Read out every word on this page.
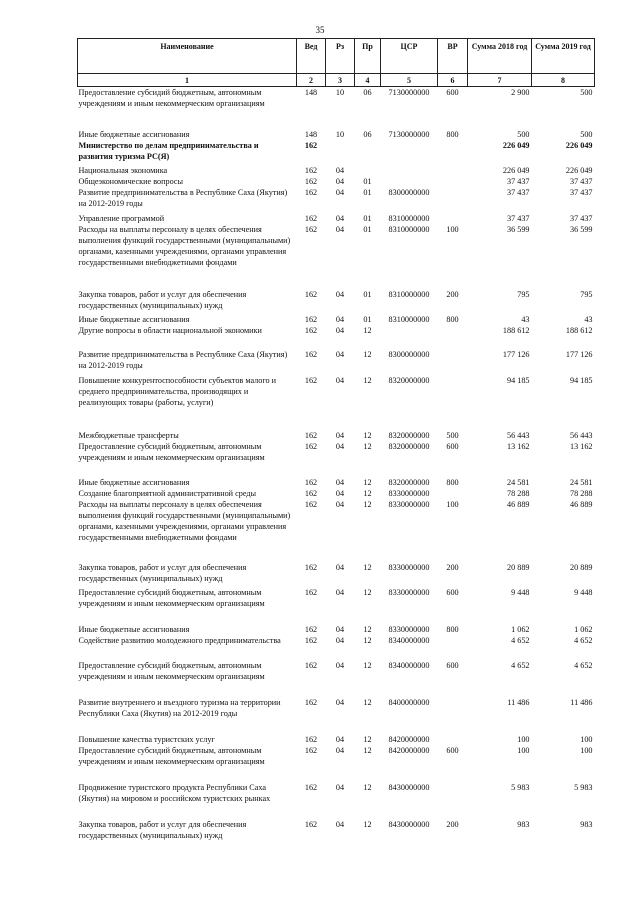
35
Наименование	Вед	Рз	Пр	ЦСР	ВР	Сумма 2018 год	Сумма 2019 год
1	2	3	4	5	6	7	8
Предоставление субсидий бюджетным, автономным учреждениям и иным некоммерческим организациям	148	10	06	7130000000	600	2 900	500
Иные бюджетные ассигнования	148	10	06	7130000000	800	500	500
Министерство по делам предпринимательства и развития туризма РС(Я)	162					226 049	226 049
Национальная экономика	162	04				226 049	226 049
Общеэкономические вопросы	162	04	01			37 437	37 437
Развитие предпринимательства в Республике Саха (Якутия) на 2012-2019 годы	162	04	01	8300000000		37 437	37 437
Управление программой	162	04	01	8310000000		37 437	37 437
Расходы на выплаты персоналу в целях обеспечения выполнения функций государственными (муниципальными) органами, казенными учреждениями, органами управления государственными внебюджетными фондами	162	04	01	8310000000	100	36 599	36 599
Закупка товаров, работ и услуг для обеспечения государственных (муниципальных) нужд	162	04	01	8310000000	200	795	795
Иные бюджетные ассигнования	162	04	01	8310000000	800	43	43
Другие вопросы в области национальной экономики	162	04	12			188 612	188 612
Развитие предпринимательства в Республике Саха (Якутия) на 2012-2019 годы	162	04	12	8300000000		177 126	177 126
Повышение конкурентоспособности субъектов малого и среднего предпринимательства, производящих и реализующих товары (работы, услуги)	162	04	12	8320000000		94 185	94 185
Межбюджетные трансферты	162	04	12	8320000000	500	56 443	56 443
Предоставление субсидий бюджетным, автономным учреждениям и иным некоммерческим организациям	162	04	12	8320000000	600	13 162	13 162
Иные бюджетные ассигнования	162	04	12	8320000000	800	24 581	24 581
Создание благоприятной административной среды	162	04	12	8330000000		78 288	78 288
Расходы на выплаты персоналу в целях обеспечения выполнения функций государственными (муниципальными) органами, казенными учреждениями, органами управления государственными внебюджетными фондами	162	04	12	8330000000	100	46 889	46 889
Закупка товаров, работ и услуг для обеспечения государственных (муниципальных) нужд	162	04	12	8330000000	200	20 889	20 889
Предоставление субсидий бюджетным, автономным учреждениям и иным некоммерческим организациям	162	04	12	8330000000	600	9 448	9 448
Иные бюджетные ассигнования	162	04	12	8330000000	800	1 062	1 062
Содействие развитию молодежного предпринимательства	162	04	12	8340000000		4 652	4 652
Предоставление субсидий бюджетным, автономным учреждениям и иным некоммерческим организациям	162	04	12	8340000000	600	4 652	4 652
Развитие внутреннего и въездного туризма на территории Республики Саха (Якутия) на 2012-2019 годы	162	04	12	8400000000		11 486	11 486
Повышение качества туристских услуг	162	04	12	8420000000		100	100
Предоставление субсидий бюджетным, автономным учреждениям и иным некоммерческим организациям	162	04	12	8420000000	600	100	100
Продвижение туристского продукта Республики Саха (Якутия) на мировом и российском туристских рынках	162	04	12	8430000000		5 983	5 983
Закупка товаров, работ и услуг для обеспечения государственных (муниципальных) нужд	162	04	12	8430000000	200	983	983
